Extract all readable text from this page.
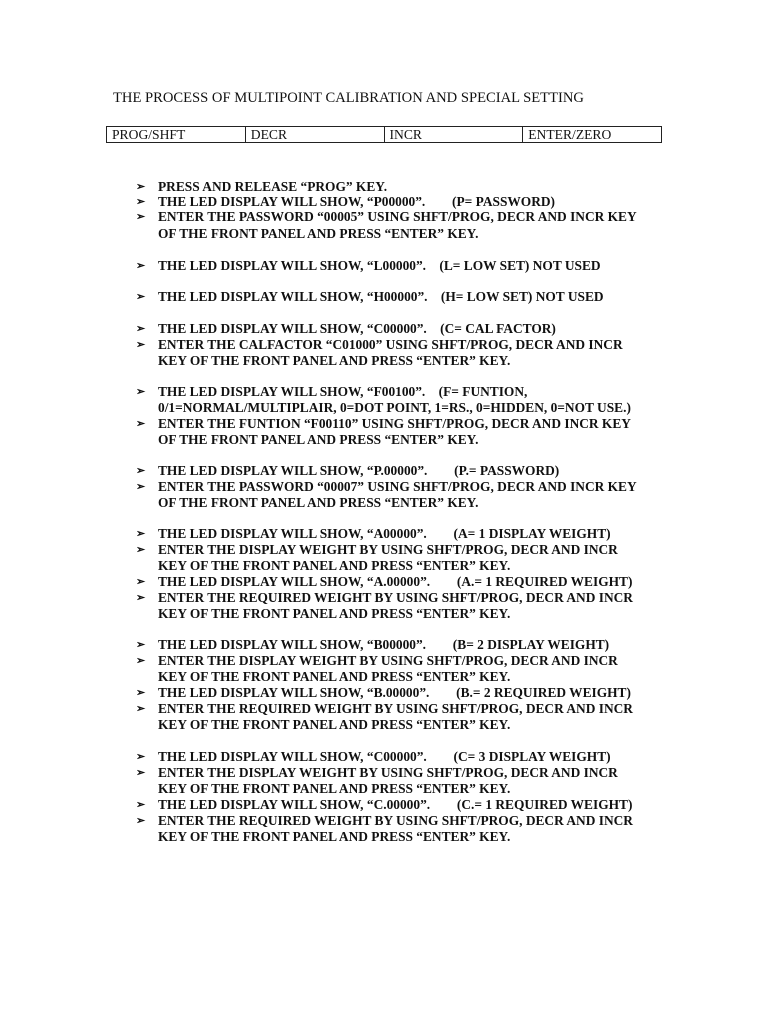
THE PROCESS OF MULTIPOINT CALIBRATION AND SPECIAL SETTING
PROG/SHFT	DECR	INCR	ENTER/ZERO
➢ PRESS AND RELEASE “PROG” KEY.
➢ THE LED DISPLAY WILL SHOW, “P00000”.        (P= PASSWORD)
➢ ENTER THE PASSWORD “00005” USING SHFT/PROG, DECR AND INCR KEY
OF THE FRONT PANEL AND PRESS “ENTER” KEY.
➢ THE LED DISPLAY WILL SHOW, “L00000”.    (L= LOW SET) NOT USED
➢ THE LED DISPLAY WILL SHOW, “H00000”.    (H= LOW SET) NOT USED
➢ THE LED DISPLAY WILL SHOW, “C00000”.    (C= CAL FACTOR)
➢ ENTER THE CALFACTOR “C01000” USING SHFT/PROG, DECR AND INCR
KEY OF THE FRONT PANEL AND PRESS “ENTER” KEY.
➢ THE LED DISPLAY WILL SHOW, “F00100”.    (F= FUNTION,
0/1=NORMAL/MULTIPLAIR, 0=DOT POINT, 1=RS., 0=HIDDEN, 0=NOT USE.)
➢ ENTER THE FUNTION “F00110” USING SHFT/PROG, DECR AND INCR KEY
OF THE FRONT PANEL AND PRESS “ENTER” KEY.
➢ THE LED DISPLAY WILL SHOW, “P.00000”.        (P.= PASSWORD)
➢ ENTER THE PASSWORD “00007” USING SHFT/PROG, DECR AND INCR KEY
OF THE FRONT PANEL AND PRESS “ENTER” KEY.
➢ THE LED DISPLAY WILL SHOW, “A00000”.        (A= 1 DISPLAY WEIGHT)
➢ ENTER THE DISPLAY WEIGHT BY USING SHFT/PROG, DECR AND INCR
KEY OF THE FRONT PANEL AND PRESS “ENTER” KEY.
➢ THE LED DISPLAY WILL SHOW, “A.00000”.        (A.= 1 REQUIRED WEIGHT)
➢ ENTER THE REQUIRED WEIGHT BY USING SHFT/PROG, DECR AND INCR
KEY OF THE FRONT PANEL AND PRESS “ENTER” KEY.
➢ THE LED DISPLAY WILL SHOW, “B00000”.        (B= 2 DISPLAY WEIGHT)
➢ ENTER THE DISPLAY WEIGHT BY USING SHFT/PROG, DECR AND INCR
KEY OF THE FRONT PANEL AND PRESS “ENTER” KEY.
➢ THE LED DISPLAY WILL SHOW, “B.00000”.        (B.= 2 REQUIRED WEIGHT)
➢ ENTER THE REQUIRED WEIGHT BY USING SHFT/PROG, DECR AND INCR
KEY OF THE FRONT PANEL AND PRESS “ENTER” KEY.
➢ THE LED DISPLAY WILL SHOW, “C00000”.        (C= 3 DISPLAY WEIGHT)
➢ ENTER THE DISPLAY WEIGHT BY USING SHFT/PROG, DECR AND INCR
KEY OF THE FRONT PANEL AND PRESS “ENTER” KEY.
➢ THE LED DISPLAY WILL SHOW, “C.00000”.        (C.= 1 REQUIRED WEIGHT)
➢ ENTER THE REQUIRED WEIGHT BY USING SHFT/PROG, DECR AND INCR
KEY OF THE FRONT PANEL AND PRESS “ENTER” KEY.
